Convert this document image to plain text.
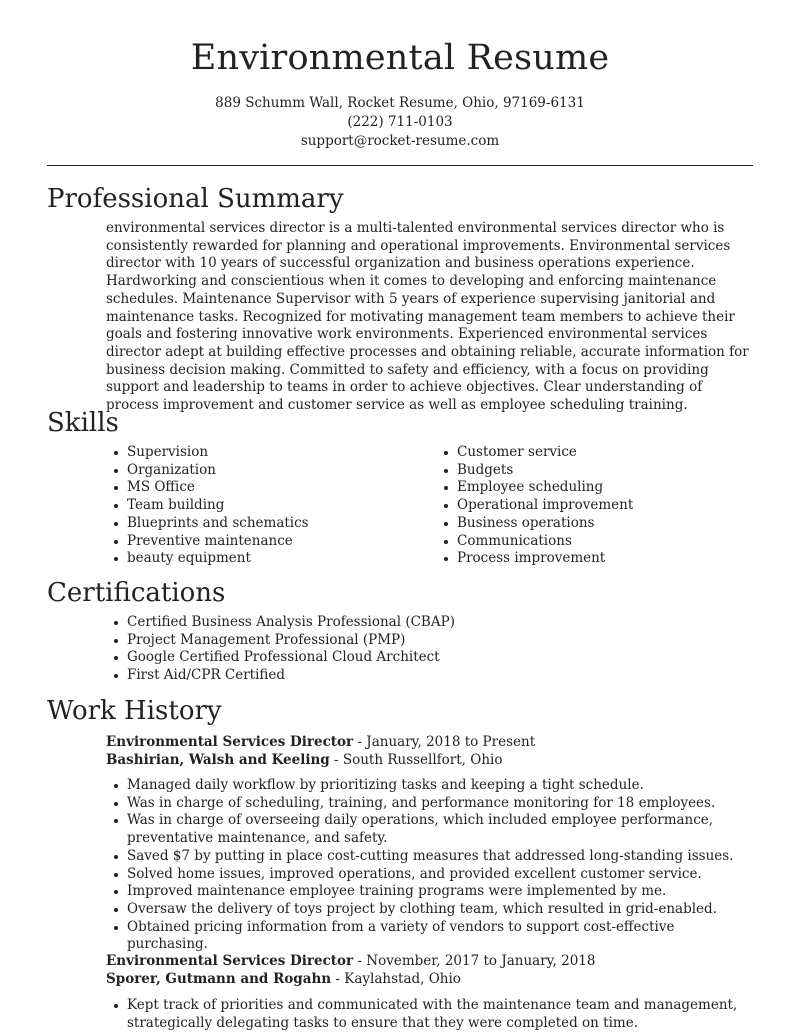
Environmental Resume
889 Schumm Wall, Rocket Resume, Ohio, 97169-6131
(222) 711-0103
support@rocket-resume.com
Professional Summary

environmental services director is a multi-talented environmental services director who is consistently rewarded for planning and operational improvements. Environmental services director with 10 years of successful organization and business operations experience. Hardworking and conscientious when it comes to developing and enforcing maintenance schedules. Maintenance Supervisor with 5 years of experience supervising janitorial and maintenance tasks. Recognized for motivating management team members to achieve their goals and fostering innovative work environments. Experienced environmental services director adept at building effective processes and obtaining reliable, accurate information for business decision making. Committed to safety and efficiency, with a focus on providing support and leadership to teams in order to achieve objectives. Clear understanding of process improvement and customer service as well as employee scheduling training.

Skills
Supervision
Organization
MS Office
Team building
Blueprints and schematics
Preventive maintenance
beauty equipment
Customer service
Budgets
Employee scheduling
Operational improvement
Business operations
Communications
Process improvement
Certifications
Certified Business Analysis Professional (CBAP)
Project Management Professional (PMP)
Google Certified Professional Cloud Architect
First Aid/CPR Certified
Work History
Environmental Services Director - January, 2018 to Present
Bashirian, Walsh and Keeling - South Russellfort, Ohio
Managed daily workflow by prioritizing tasks and keeping a tight schedule.
Was in charge of scheduling, training, and performance monitoring for 18 employees.
Was in charge of overseeing daily operations, which included employee performance, preventative maintenance, and safety.
Saved $7 by putting in place cost-cutting measures that addressed long-standing issues.
Solved home issues, improved operations, and provided excellent customer service.
Improved maintenance employee training programs were implemented by me.
Oversaw the delivery of toys project by clothing team, which resulted in grid-enabled.
Obtained pricing information from a variety of vendors to support cost-effective purchasing.
Environmental Services Director - November, 2017 to January, 2018
Sporer, Gutmann and Rogahn - Kaylahstad, Ohio
Kept track of priorities and communicated with the maintenance team and management, strategically delegating tasks to ensure that they were completed on time.
